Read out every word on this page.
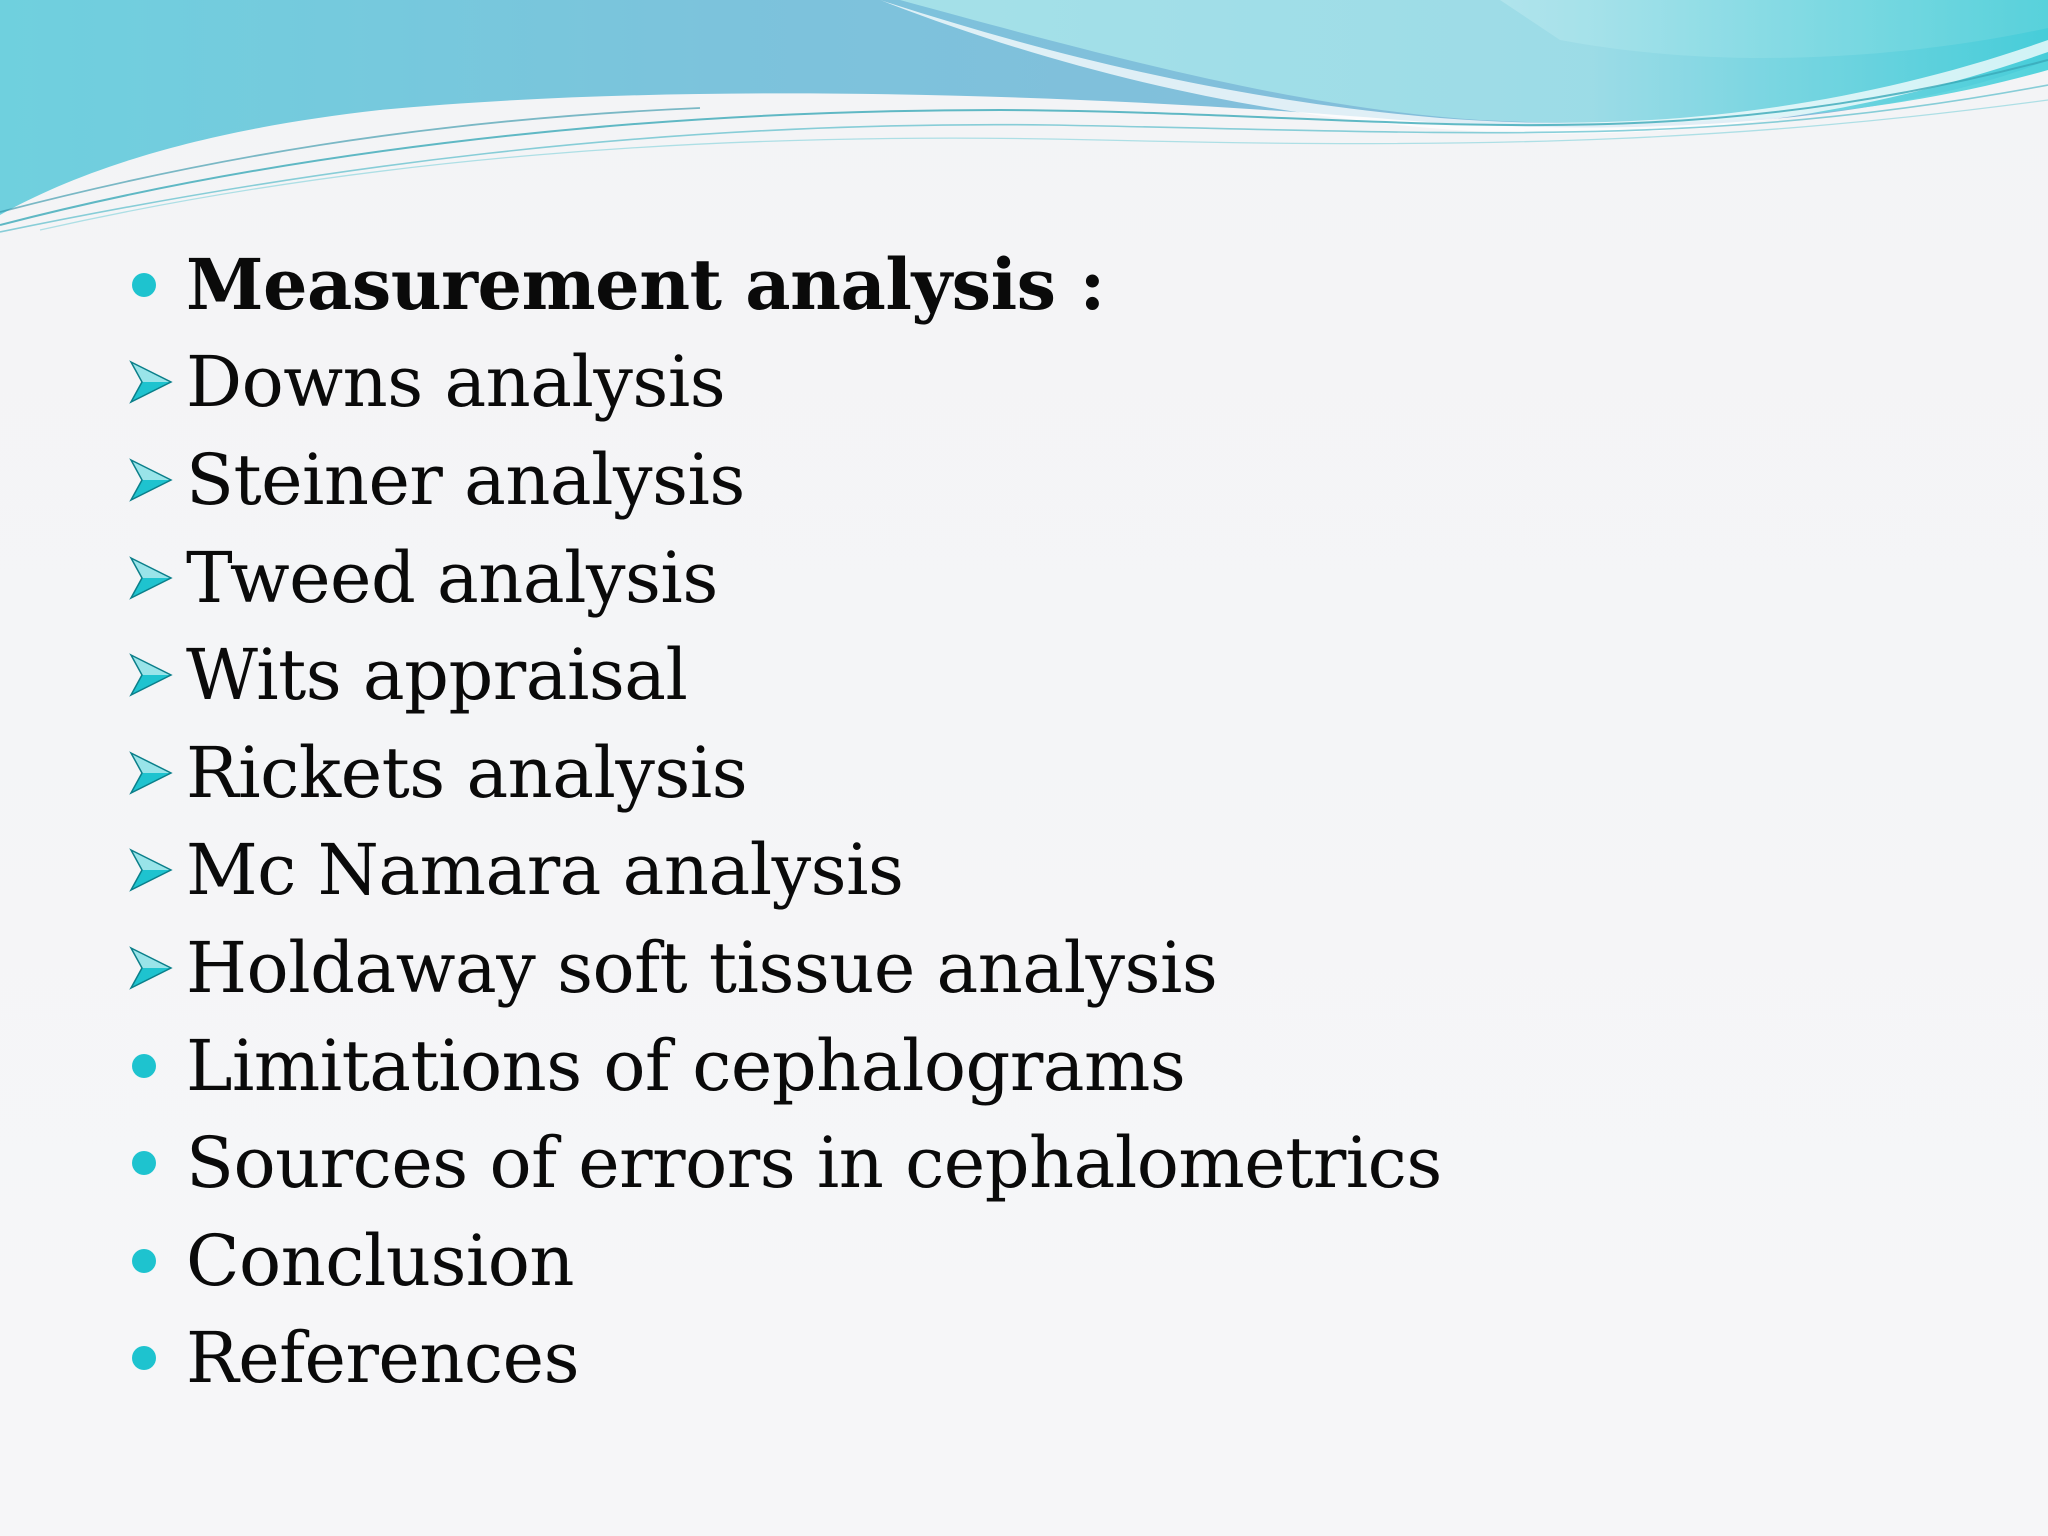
Measurement analysis :
Downs analysis
Steiner analysis
Tweed analysis
Wits appraisal
Rickets analysis
Mc Namara analysis
Holdaway soft tissue analysis
Limitations of cephalograms
Sources of errors in cephalometrics
Conclusion
References
